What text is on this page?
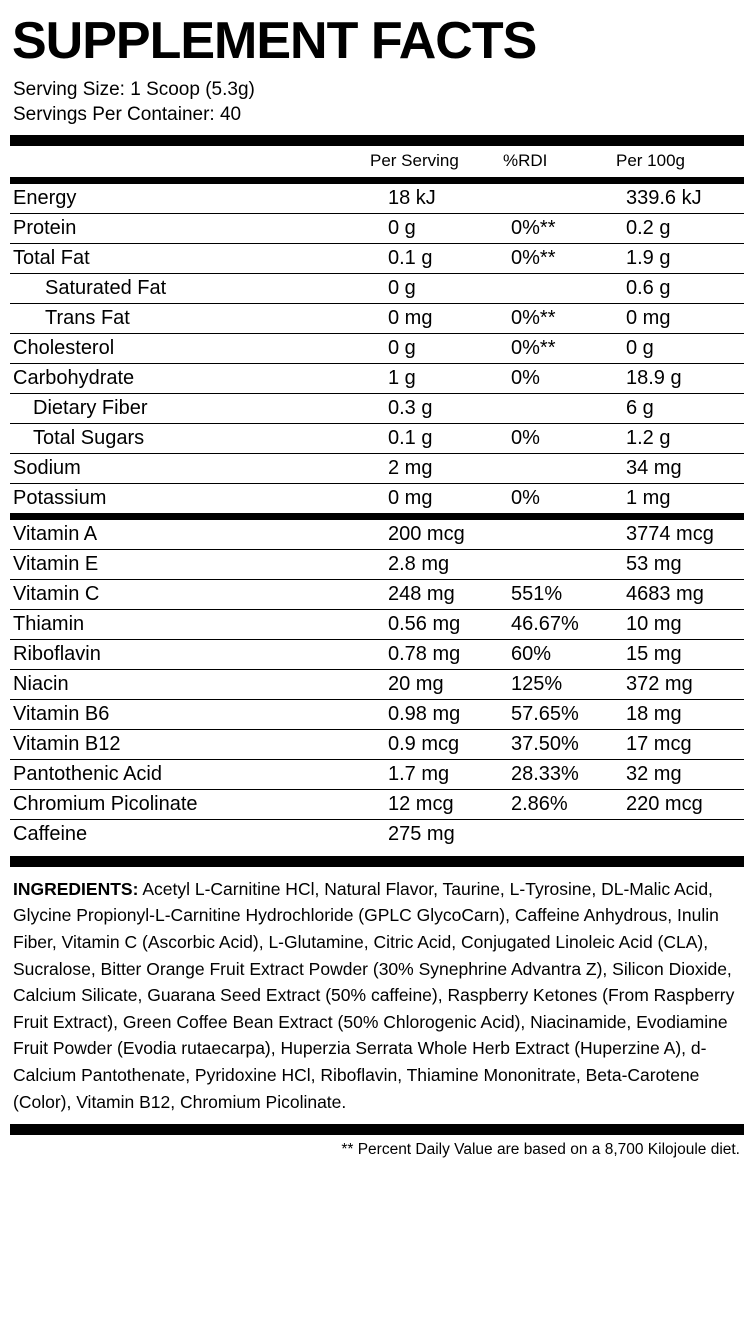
SUPPLEMENT FACTS
Serving Size: 1 Scoop (5.3g)
Servings Per Container: 40
	Per Serving	%RDI	Per 100g
Energy	18 kJ		339.6 kJ
Protein	0 g	0%**	0.2 g
Total Fat	0.1 g	0%**	1.9 g
Saturated Fat	0 g		0.6 g
Trans Fat	0 mg	0%**	0 mg
Cholesterol	0 g	0%**	0 g
Carbohydrate	1 g	0%	18.9 g
Dietary Fiber	0.3 g		6 g
Total Sugars	0.1 g	0%	1.2 g
Sodium	2 mg		34 mg
Potassium	0 mg	0%	1 mg
Vitamin A	200 mcg		3774 mcg
Vitamin E	2.8 mg		53 mg
Vitamin C	248 mg	551%	4683 mg
Thiamin	0.56 mg	46.67%	10 mg
Riboflavin	0.78 mg	60%	15 mg
Niacin	20 mg	125%	372 mg
Vitamin B6	0.98 mg	57.65%	18 mg
Vitamin B12	0.9 mcg	37.50%	17 mcg
Pantothenic Acid	1.7 mg	28.33%	32 mg
Chromium Picolinate	12 mcg	2.86%	220 mcg
Caffeine	275 mg		
INGREDIENTS: Acetyl L-Carnitine HCl, Natural Flavor, Taurine, L-Tyrosine, DL-Malic Acid, Glycine Propionyl-L-Carnitine Hydrochloride (GPLC GlycoCarn), Caffeine Anhydrous, Inulin Fiber, Vitamin C (Ascorbic Acid), L-Glutamine, Citric Acid, Conjugated Linoleic Acid (CLA), Sucralose, Bitter Orange Fruit Extract Powder (30% Synephrine Advantra Z), Silicon Dioxide, Calcium Silicate, Guarana Seed Extract (50% caffeine), Raspberry Ketones (From Raspberry Fruit Extract), Green Coffee Bean Extract (50% Chlorogenic Acid), Niacinamide, Evodiamine Fruit Powder (Evodia rutaecarpa), Huperzia Serrata Whole Herb Extract (Huperzine A), d-Calcium Pantothenate, Pyridoxine HCl, Riboflavin, Thiamine Mononitrate, Beta-Carotene (Color), Vitamin B12, Chromium Picolinate.
** Percent Daily Value are based on a 8,700 Kilojoule diet.
